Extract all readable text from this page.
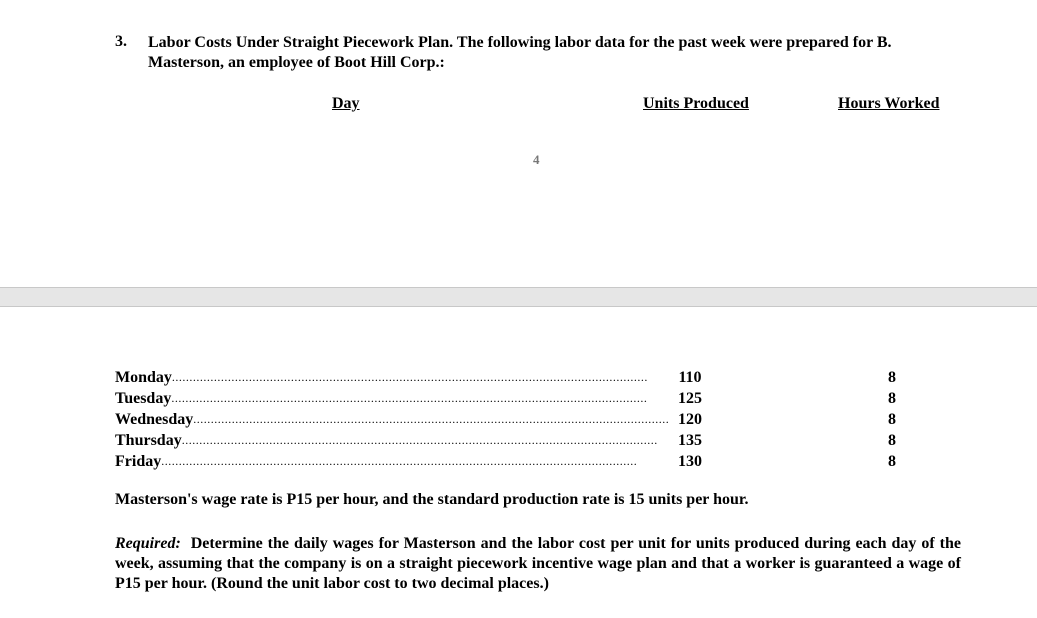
3. Labor Costs Under Straight Piecework Plan. The following labor data for the past week were prepared for B. Masterson, an employee of Boot Hill Corp.:
Day	Units Produced	Hours Worked
4
Monday ........................................................................................................................................	110	8
Tuesday ........................................................................................................................................	125	8
Wednesday ........................................................................................................................................ 120	8
Thursday ........................................................................................................................................	135	8
Friday ........................................................................................................................................	130	8
Masterson's wage rate is P15 per hour, and the standard production rate is 15 units per hour.
Required: Determine the daily wages for Masterson and the labor cost per unit for units produced during each day of the week, assuming that the company is on a straight piecework incentive wage plan and that a worker is guaranteed a wage of P15 per hour. (Round the unit labor cost to two decimal places.)
